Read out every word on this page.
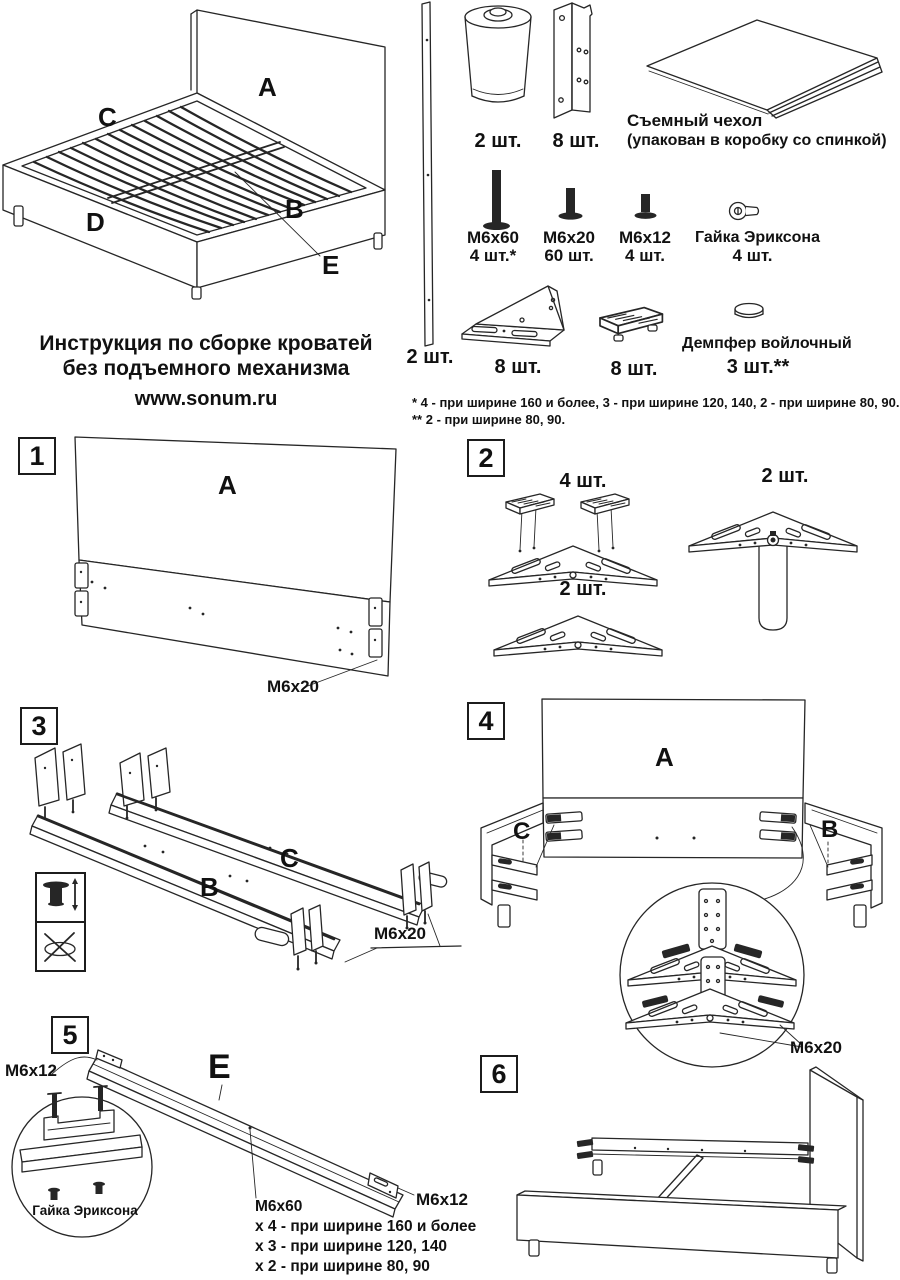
A
C
B
D
E
Инструкция по сборке кроватей
без подъемного механизма
www.sonum.ru
2 шт.
2 шт.	8 шт.
Съемный чехол
(упакован в коробку со спинкой)
M6x60
4 шт.*
M6x20
60 шт.
M6x12
4 шт.
Гайка Эриксона
4 шт.
8 шт.	8 шт.
Демпфер войлочный
3 шт.**
* 4 - при ширине 160 и более, 3 - при ширине 120, 140, 2 - при ширине 80, 90.
** 2 - при ширине 80, 90.
1
A
M6x20
2
4 шт.
2 шт.
2 шт.
3
B
C
M6x20
4
A
C	B
M6x20
5
E
M6x12
M6x12
Гайка Эриксона	M6x60
x 4 - при ширине 160 и более
x 3 - при ширине 120, 140
x 2 - при ширине 80, 90
6
